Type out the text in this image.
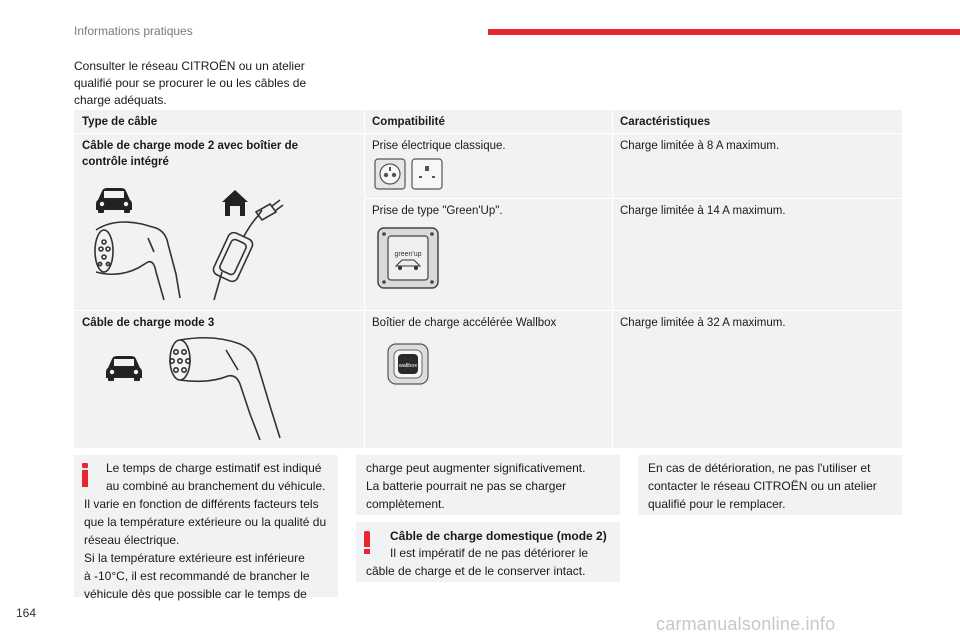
Informations pratiques
Consulter le réseau CITROËN ou un atelier qualifié pour se procurer le ou les câbles de charge adéquats.
Type de câble	Compatibilité	Caractéristiques
Câble de charge mode 2 avec boîtier de contrôle intégré
Prise électrique classique.	Charge limitée à 8 A maximum.
Prise de type "Green'Up".	Charge limitée à 14 A maximum.
Câble de charge mode 3	Boîtier de charge accélérée Wallbox	Charge limitée à 32 A maximum.
green'up
wallbox
Le temps de charge estimatif est indiqué
au combiné au branchement du véhicule.
Il varie en fonction de différents facteurs tels
que la température extérieure ou la qualité du
réseau électrique.
Si la température extérieure est inférieure
à -10°C, il est recommandé de brancher le
véhicule dès que possible car le temps de
charge peut augmenter significativement.
La batterie pourrait ne pas se charger
complètement.
Câble de charge domestique (mode 2)
Il est impératif de ne pas détériorer le
câble de charge et de le conserver intact.
En cas de détérioration, ne pas l'utiliser et
contacter le réseau CITROËN ou un atelier
qualifié pour le remplacer.
164
carmanualsonline.info
